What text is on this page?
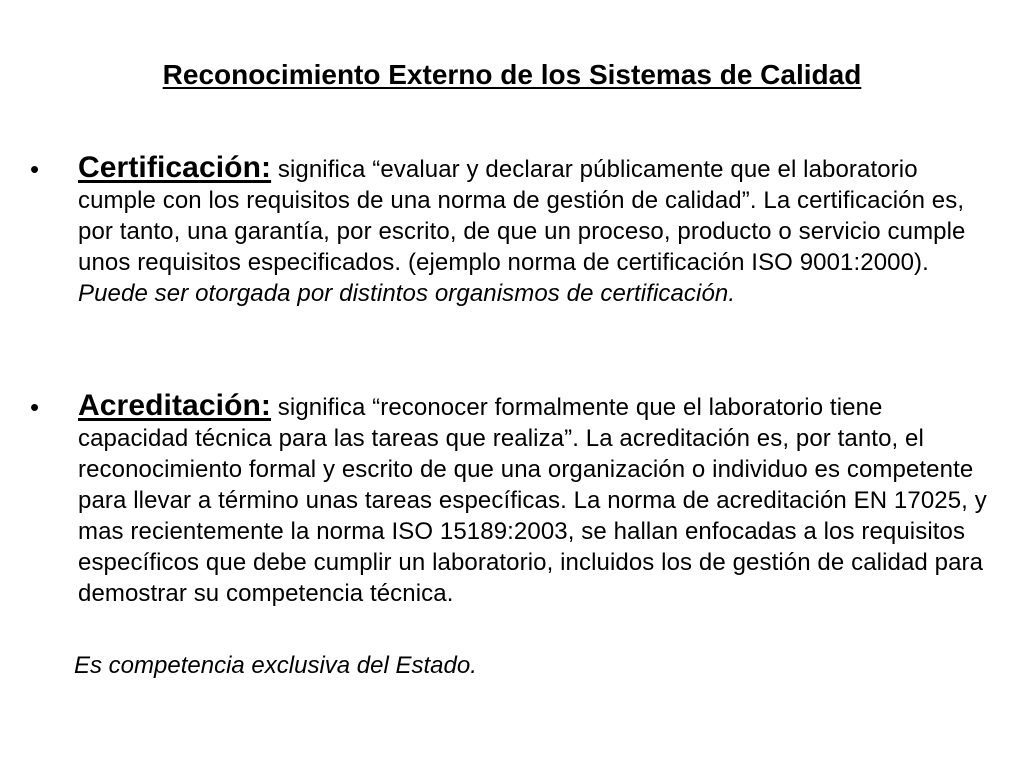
Reconocimiento Externo de los Sistemas de Calidad
•	Certificación: significa “evaluar y declarar públicamente que el laboratorio cumple con los requisitos de una norma de gestión de calidad”. La certificación es, por tanto, una garantía, por escrito, de que un proceso, producto o servicio cumple unos requisitos especificados. (ejemplo norma de certificación ISO 9001:2000). Puede ser otorgada por distintos organismos de certificación.

•	Acreditación: significa “reconocer formalmente que el laboratorio tiene capacidad técnica para las tareas que realiza”. La acreditación es, por tanto, el reconocimiento formal y escrito de que una organización o individuo es competente para llevar a término unas tareas específicas. La norma de acreditación EN 17025, y mas recientemente la norma ISO 15189:2003, se hallan enfocadas a los requisitos específicos que debe cumplir un laboratorio, incluidos los de gestión de calidad para demostrar su competencia técnica.

Es competencia exclusiva del Estado.
